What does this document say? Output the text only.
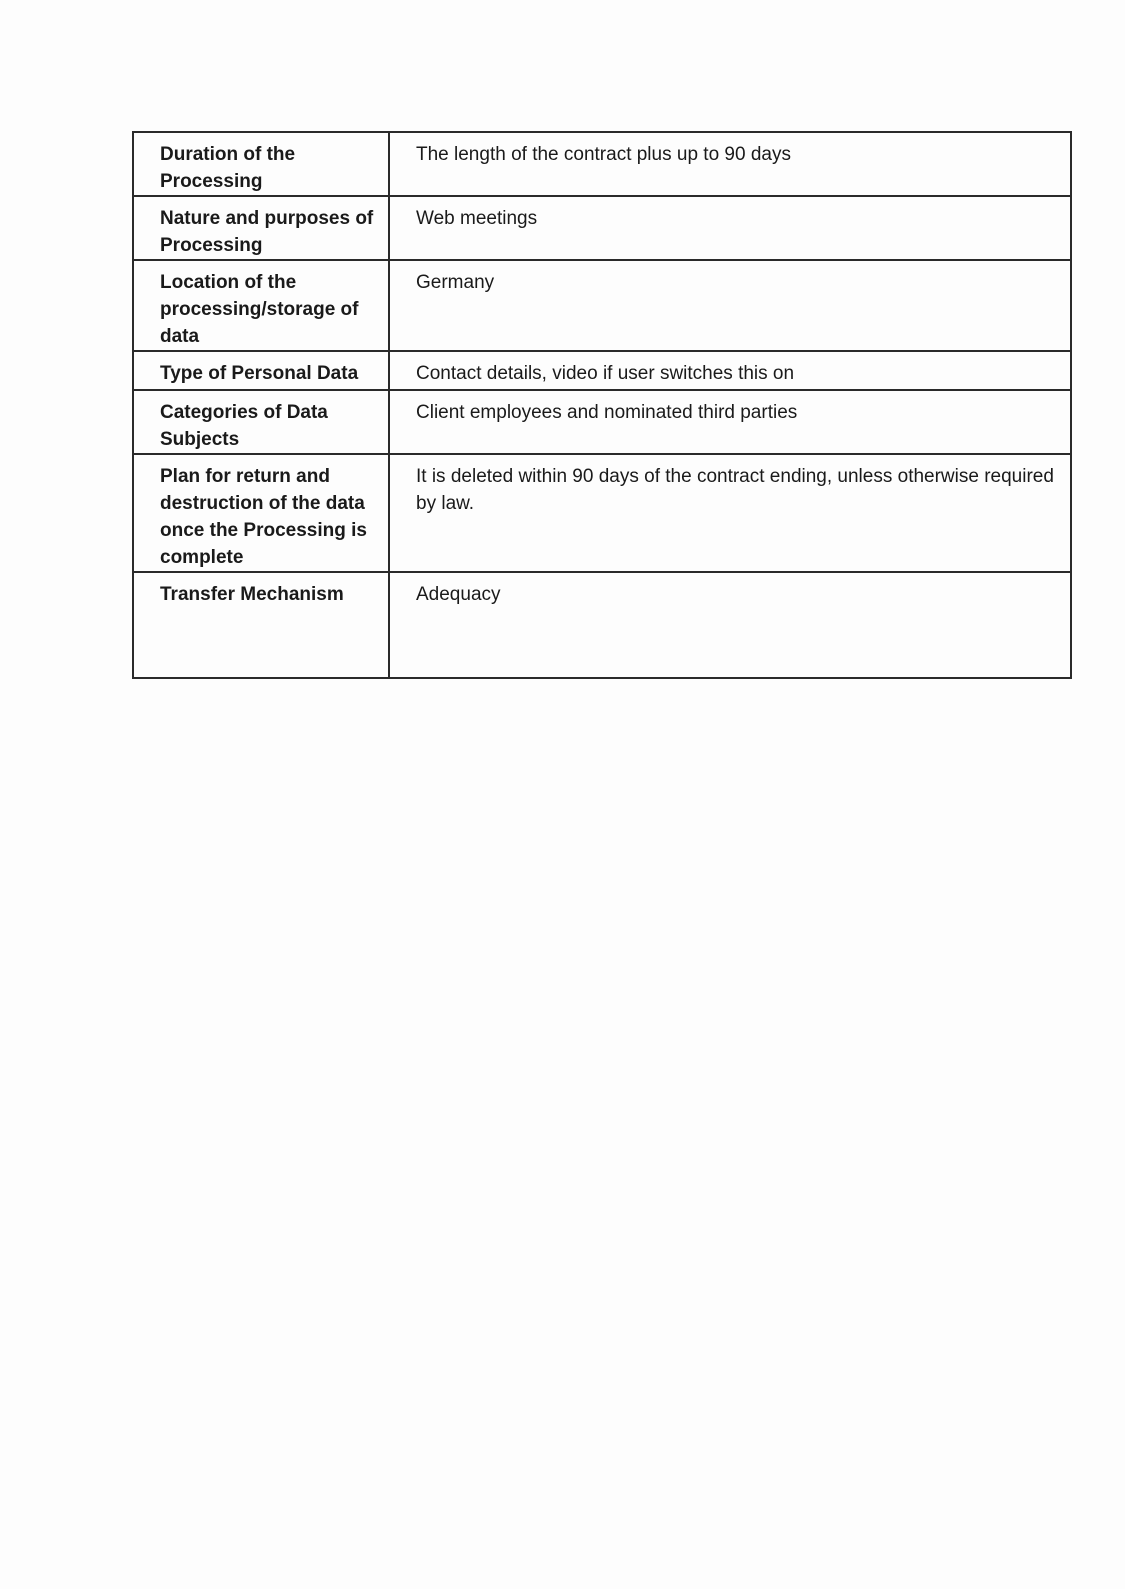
Duration of the Processing	The length of the contract plus up to 90 days
Nature and purposes of Processing	Web meetings
Location of the processing/storage of data	Germany
Type of Personal Data	Contact details, video if user switches this on
Categories of Data Subjects	Client employees and nominated third parties
Plan for return and destruction of the data once the Processing is complete	It is deleted within 90 days of the contract ending, unless otherwise required by law.
Transfer Mechanism	Adequacy
